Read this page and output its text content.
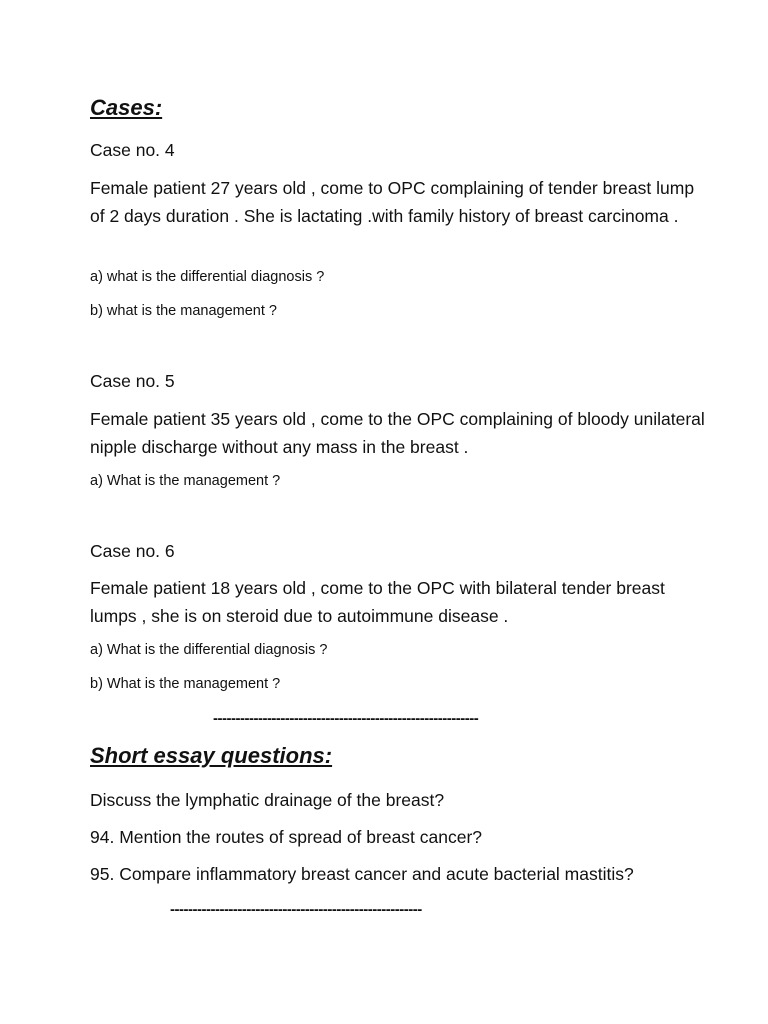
Cases:

Case no. 4

Female patient 27 years old , come to OPC complaining of tender breast lump of 2 days duration . She is lactating .with family history of breast carcinoma .

a) what is the differential diagnosis ?

b) what is the management ?

Case no. 5

Female patient 35 years old , come to the OPC complaining of bloody unilateral nipple discharge without any mass in the breast .

a) What is the management ?

Case no. 6

Female patient 18 years old , come to the OPC with bilateral tender breast lumps , she is on steroid due to autoimmune disease .

a) What is the differential diagnosis ?

b) What is the management ?

-----------------------------------------------------------

Short essay questions:

Discuss the lymphatic drainage of the breast?

94. Mention the routes of spread of breast cancer?

95. Compare inflammatory breast cancer and acute bacterial mastitis?

--------------------------------------------------------
